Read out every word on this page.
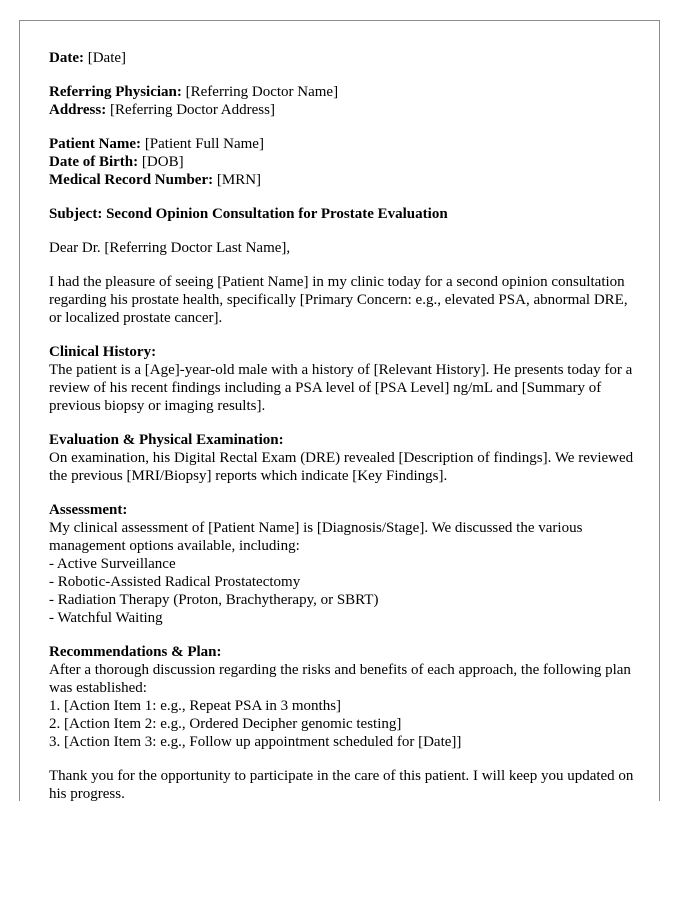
Date: [Date]
Referring Physician: [Referring Doctor Name]
Address: [Referring Doctor Address]
Patient Name: [Patient Full Name]
Date of Birth: [DOB]
Medical Record Number: [MRN]
Subject: Second Opinion Consultation for Prostate Evaluation
Dear Dr. [Referring Doctor Last Name],
I had the pleasure of seeing [Patient Name] in my clinic today for a second opinion consultation regarding his prostate health, specifically [Primary Concern: e.g., elevated PSA, abnormal DRE, or localized prostate cancer].
Clinical History:
The patient is a [Age]-year-old male with a history of [Relevant History]. He presents today for a review of his recent findings including a PSA level of [PSA Level] ng/mL and [Summary of previous biopsy or imaging results].
Evaluation & Physical Examination:
On examination, his Digital Rectal Exam (DRE) revealed [Description of findings]. We reviewed the previous [MRI/Biopsy] reports which indicate [Key Findings].
Assessment:
My clinical assessment of [Patient Name] is [Diagnosis/Stage]. We discussed the various management options available, including:
- Active Surveillance
- Robotic-Assisted Radical Prostatectomy
- Radiation Therapy (Proton, Brachytherapy, or SBRT)
- Watchful Waiting
Recommendations & Plan:
After a thorough discussion regarding the risks and benefits of each approach, the following plan was established:
1. [Action Item 1: e.g., Repeat PSA in 3 months]
2. [Action Item 2: e.g., Ordered Decipher genomic testing]
3. [Action Item 3: e.g., Follow up appointment scheduled for [Date]]
Thank you for the opportunity to participate in the care of this patient. I will keep you updated on his progress.
